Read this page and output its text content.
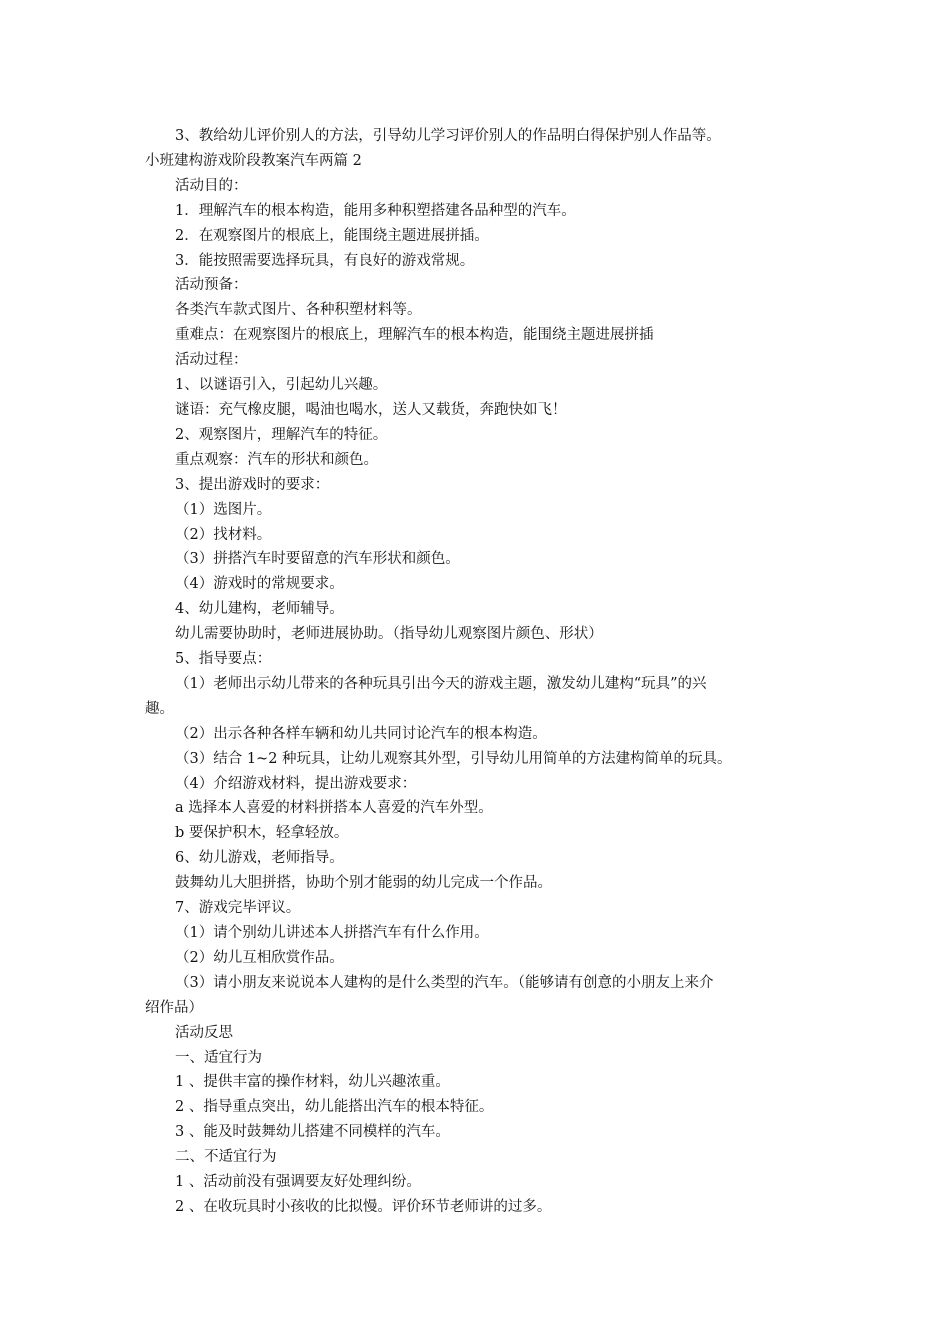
3、教给幼儿评价别人的方法，引导幼儿学习评价别人的作品明白得保护别人作品等。
小班建构游戏阶段教案汽车两篇 2
活动目的：
1．理解汽车的根本构造，能用多种积塑搭建各品种型的汽车。
2．在观察图片的根底上，能围绕主题进展拼插。
3．能按照需要选择玩具，有良好的游戏常规。
活动预备：
各类汽车款式图片、各种积塑材料等。
重难点：在观察图片的根底上，理解汽车的根本构造，能围绕主题进展拼插
活动过程：
1、以谜语引入，引起幼儿兴趣。
谜语：充气橡皮腿，喝油也喝水，送人又载货，奔跑快如飞！
2、观察图片，理解汽车的特征。
重点观察：汽车的形状和颜色。
3、提出游戏时的要求：
（1）选图片。
（2）找材料。
（3）拼搭汽车时要留意的汽车形状和颜色。
（4）游戏时的常规要求。
4、幼儿建构，老师辅导。
幼儿需要协助时，老师进展协助。（指导幼儿观察图片颜色、形状）
5、指导要点：
（1）老师出示幼儿带来的各种玩具引出今天的游戏主题，激发幼儿建构“玩具”的兴
趣。
（2）出示各种各样车辆和幼儿共同讨论汽车的根本构造。
（3）结合 1~2 种玩具，让幼儿观察其外型，引导幼儿用简单的方法建构简单的玩具。
（4）介绍游戏材料，提出游戏要求：
a 选择本人喜爱的材料拼搭本人喜爱的汽车外型。
b 要保护积木，轻拿轻放。
6、幼儿游戏，老师指导。
鼓舞幼儿大胆拼搭，协助个别才能弱的幼儿完成一个作品。
7、游戏完毕评议。
（1）请个别幼儿讲述本人拼搭汽车有什么作用。
（2）幼儿互相欣赏作品。
（3）请小朋友来说说本人建构的是什么类型的汽车。（能够请有创意的小朋友上来介
绍作品）
活动反思
一、适宜行为
1 、提供丰富的操作材料，幼儿兴趣浓重。
2 、指导重点突出，幼儿能搭出汽车的根本特征。
3 、能及时鼓舞幼儿搭建不同模样的汽车。
二、不适宜行为
1 、活动前没有强调要友好处理纠纷。
2 、在收玩具时小孩收的比拟慢。评价环节老师讲的过多。
